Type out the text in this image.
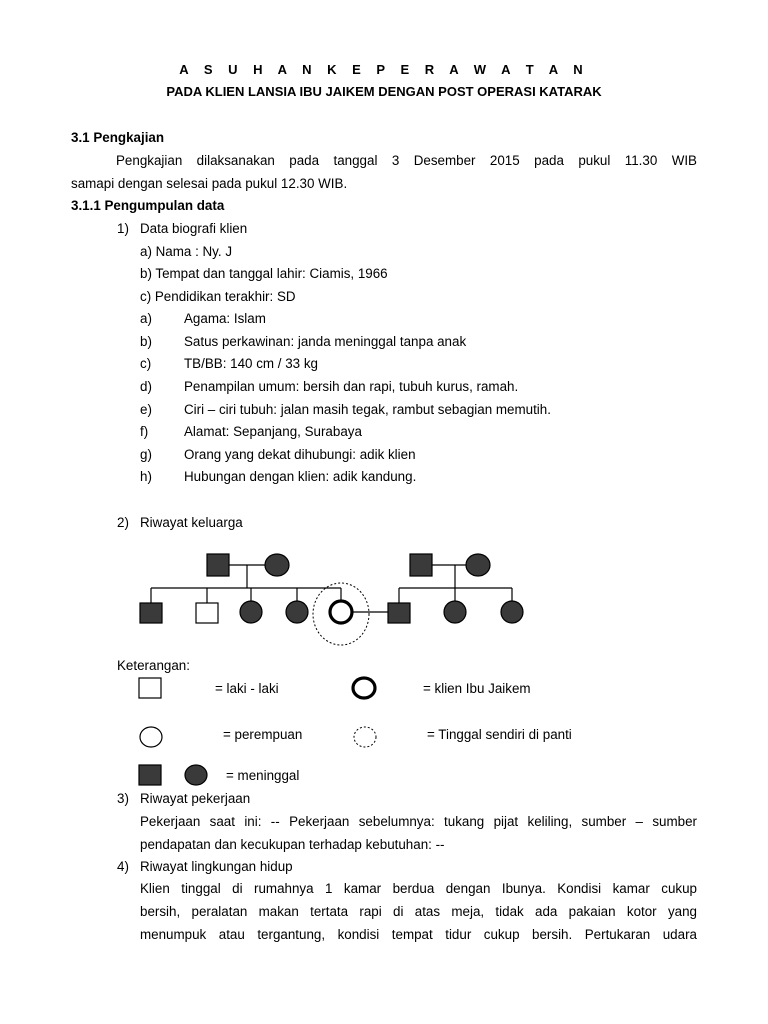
A S U H A N K E P E R A W A T A N
PADA KLIEN LANSIA IBU JAIKEM DENGAN POST OPERASI KATARAK
3.1 Pengkajian
Pengkajian dilaksanakan pada tanggal 3 Desember 2015 pada pukul 11.30 WIB
samapi dengan selesai pada pukul 12.30 WIB.
3.1.1 Pengumpulan data
1) Data biografi klien
a) Nama : Ny. J
b) Tempat dan tanggal lahir: Ciamis, 1966
c) Pendidikan terakhir: SD
a) Agama: Islam
b) Satus perkawinan: janda meninggal tanpa anak
c) TB/BB: 140 cm / 33 kg
d) Penampilan umum: bersih dan rapi, tubuh kurus, ramah.
e) Ciri – ciri tubuh: jalan masih tegak, rambut sebagian memutih.
f)	Alamat: Sepanjang, Surabaya
g) Orang yang dekat dihubungi: adik klien
h) Hubungan dengan klien: adik kandung.
2) Riwayat keluarga
Keterangan:
= laki - laki	= klien Ibu Jaikem
= perempuan	= Tinggal sendiri di panti
= meninggal
3) Riwayat pekerjaan
Pekerjaan saat ini: -- Pekerjaan sebelumnya: tukang pijat keliling, sumber – sumber
pendapatan dan kecukupan terhadap kebutuhan: --
4) Riwayat lingkungan hidup
Klien tinggal di rumahnya 1 kamar berdua dengan Ibunya. Kondisi kamar cukup
bersih, peralatan makan tertata rapi di atas meja, tidak ada pakaian kotor yang
menumpuk atau tergantung, kondisi tempat tidur cukup bersih. Pertukaran udara
